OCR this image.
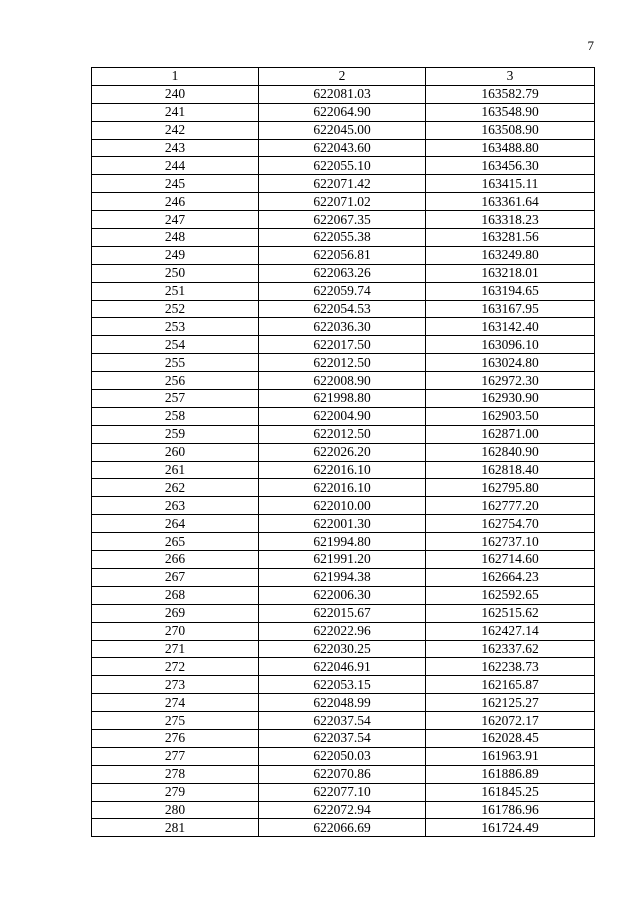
7
1	2	3
240	622081.03	163582.79
241	622064.90	163548.90
242	622045.00	163508.90
243	622043.60	163488.80
244	622055.10	163456.30
245	622071.42	163415.11
246	622071.02	163361.64
247	622067.35	163318.23
248	622055.38	163281.56
249	622056.81	163249.80
250	622063.26	163218.01
251	622059.74	163194.65
252	622054.53	163167.95
253	622036.30	163142.40
254	622017.50	163096.10
255	622012.50	163024.80
256	622008.90	162972.30
257	621998.80	162930.90
258	622004.90	162903.50
259	622012.50	162871.00
260	622026.20	162840.90
261	622016.10	162818.40
262	622016.10	162795.80
263	622010.00	162777.20
264	622001.30	162754.70
265	621994.80	162737.10
266	621991.20	162714.60
267	621994.38	162664.23
268	622006.30	162592.65
269	622015.67	162515.62
270	622022.96	162427.14
271	622030.25	162337.62
272	622046.91	162238.73
273	622053.15	162165.87
274	622048.99	162125.27
275	622037.54	162072.17
276	622037.54	162028.45
277	622050.03	161963.91
278	622070.86	161886.89
279	622077.10	161845.25
280	622072.94	161786.96
281	622066.69	161724.49
